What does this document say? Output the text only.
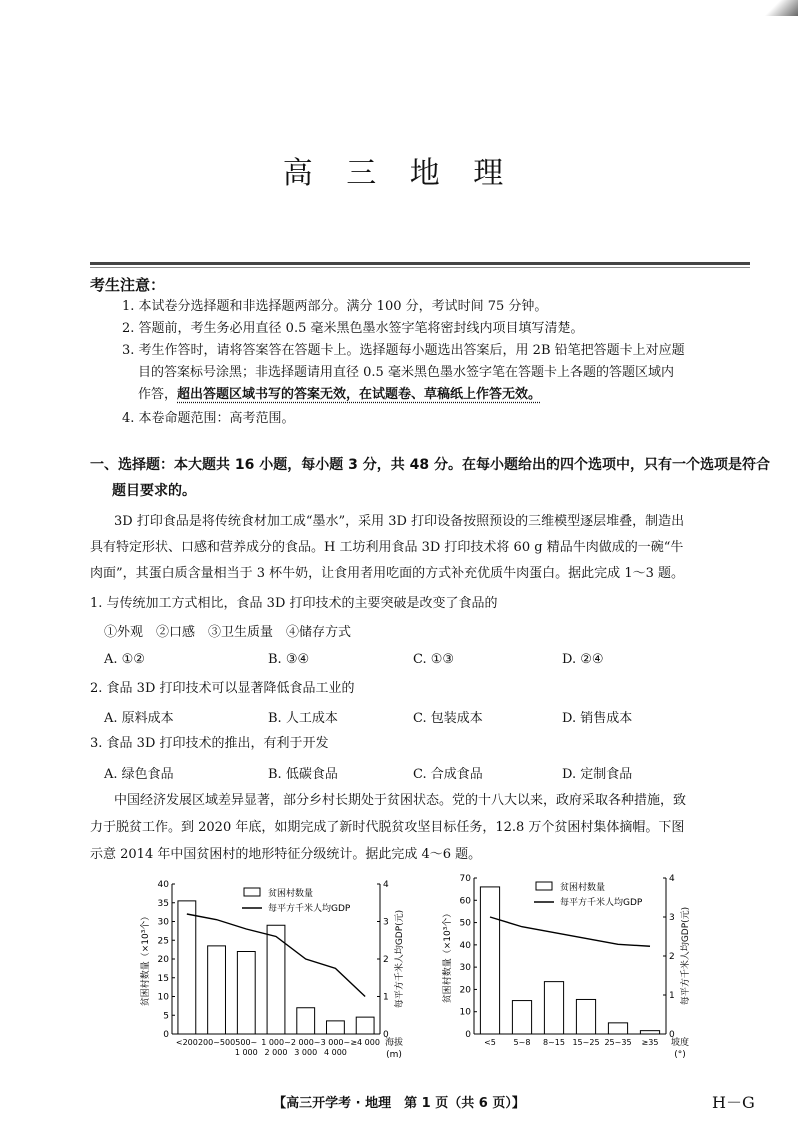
高 三 地 理
考生注意：
1. 本试卷分选择题和非选择题两部分。满分 100 分，考试时间 75 分钟。
2. 答题前，考生务必用直径 0.5 毫米黑色墨水签字笔将密封线内项目填写清楚。
3. 考生作答时，请将答案答在答题卡上。选择题每小题选出答案后，用 2B 铅笔把答题卡上对应题
目的答案标号涂黑；非选择题请用直径 0.5 毫米黑色墨水签字笔在答题卡上各题的答题区域内
作答，超出答题区域书写的答案无效，在试题卷、草稿纸上作答无效。
4. 本卷命题范围：高考范围。
一、选择题：本大题共 16 小题，每小题 3 分，共 48 分。在每小题给出的四个选项中，只有一个选项是符合
题目要求的。
3D 打印食品是将传统食材加工成“墨水”，采用 3D 打印设备按照预设的三维模型逐层堆叠，制造出
具有特定形状、口感和营养成分的食品。H 工坊利用食品 3D 打印技术将 60 g 精品牛肉做成的一碗“牛
肉面”，其蛋白质含量相当于 3 杯牛奶，让食用者用吃面的方式补充优质牛肉蛋白。据此完成 1～3 题。
1. 与传统加工方式相比，食品 3D 打印技术的主要突破是改变了食品的
①外观　②口感　③卫生质量　④储存方式
A. ①②	B. ③④	C. ①③	D. ②④
2. 食品 3D 打印技术可以显著降低食品工业的
A. 原料成本	B. 人工成本	C. 包装成本	D. 销售成本
3. 食品 3D 打印技术的推出，有利于开发
A. 绿色食品	B. 低碳食品	C. 合成食品	D. 定制食品
中国经济发展区域差异显著，部分乡村长期处于贫困状态。党的十八大以来，政府采取各种措施，致
力于脱贫工作。到 2020 年底，如期完成了新时代脱贫攻坚目标任务，12.8 万个贫困村集体摘帽。下图
示意 2014 年中国贫困村的地形特征分级统计。据此完成 4～6 题。
0
5
10
15
20
25
30
35
40
0
1
2
3
4
<200 200~500 500~
1 000
1 000~
2 000
2 000~
3 000
3 000~
4 000
≥4 000 海拔
(m)
贫困村数量（×10³个）	每平方千米人均GDP(元)
贫困村数量
每平方千米人均GDP
0
10
20
30
40
50
60
70
0
1
2
3
4
<5 5~8 8~15 15~25 25~35 ≥35 坡度
(°)
贫困村数量（×10³个）	每平方千米人均GDP(元)
贫困村数量
每平方千米人均GDP
【高三开学考 · 地理　第 1 页（共 6 页）】	H－G
